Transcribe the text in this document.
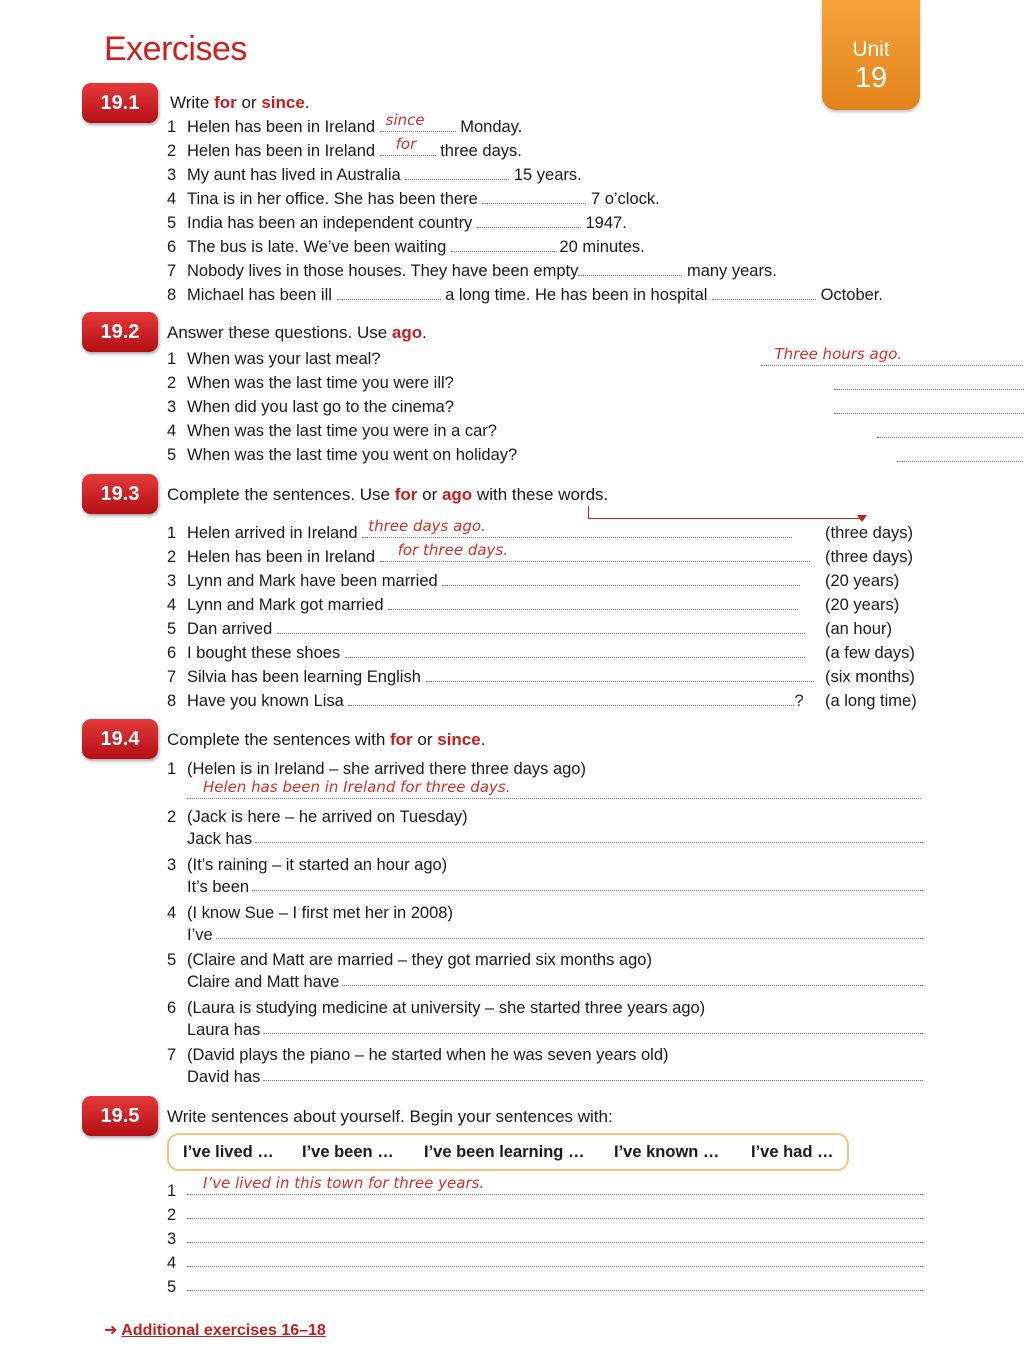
Exercises	Unit
19
19.1	Write for or since.
1 Helen has been in Ireland since Monday.
2 Helen has been in Ireland for three days.
3 My aunt has lived in Australia	15 years.
4 Tina is in her office. She has been there	7 o’clock.
5 India has been an independent country	1947.
6 The bus is late. We’ve been waiting	20 minutes.
7 Nobody lives in those houses. They have been empty	many years.
8 Michael has been ill	a long time. He has been in hospital	October.
19.2	Answer these questions. Use ago.
1 When was your last meal?	Three hours ago.
2 When was the last time you were ill?
3 When did you last go to the cinema?
4 When was the last time you were in a car?
5 When was the last time you went on holiday?
19.3	Complete the sentences. Use for or ago with these words.
1 Helen arrived in Ireland three days ago.	(three days)
2 Helen has been in Ireland for three days.	(three days)
3 Lynn and Mark have been married	(20 years)
4 Lynn and Mark got married	(20 years)
5 Dan arrived	(an hour)
6 I bought these shoes	(a few days)
7 Silvia has been learning English	(six months)
8 Have you known Lisa	? (a long time)
19.4	Complete the sentences with for or since.
1 (Helen is in Ireland – she arrived there three days ago)
Helen has been in Ireland for three days.
2 (Jack is here – he arrived on Tuesday)
Jack has
3 (It’s raining – it started an hour ago)
It’s been
4 (I know Sue – I first met her in 2008)
I’ve
5 (Claire and Matt are married – they got married six months ago)
Claire and Matt have
6 (Laura is studying medicine at university – she started three years ago)
Laura has
7 (David plays the piano – he started when he was seven years old)
David has
19.5	Write sentences about yourself. Begin your sentences with:
I’ve lived … I’ve been … I’ve been learning … I’ve known … I’ve had …
1	I’ve lived in this town for three years.
2
3
4
5
➜ Additional exercises 16–18
